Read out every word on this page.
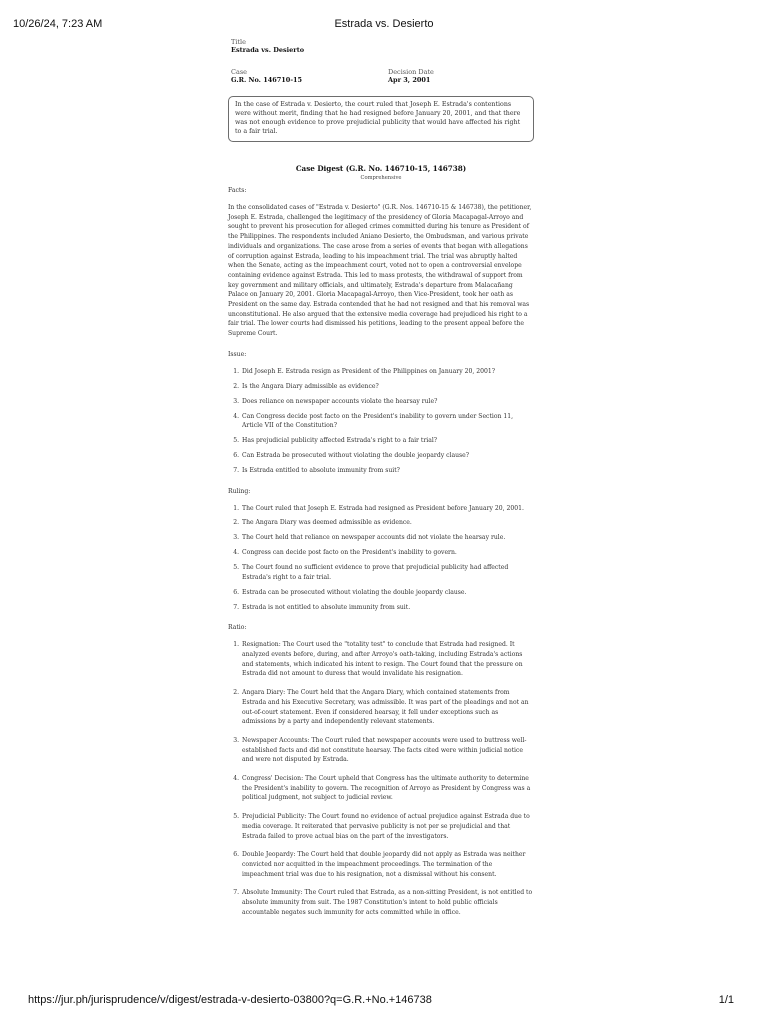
10/26/24, 7:23 AM	Estrada vs. Desierto
Title
Estrada vs. Desierto
Case
G.R. No. 146710-15
Decision Date
Apr 3, 2001
In the case of Estrada v. Desierto, the court ruled that Joseph E. Estrada's contentions were without merit, finding that he had resigned before January 20, 2001, and that there was not enough evidence to prove prejudicial publicity that would have affected his right to a fair trial.
Case Digest (G.R. No. 146710-15, 146738)
Comprehensive

Facts:

In the consolidated cases of "Estrada v. Desierto" (G.R. Nos. 146710-15 & 146738), the petitioner, Joseph E. Estrada, challenged the legitimacy of the presidency of Gloria Macapagal-Arroyo and sought to prevent his prosecution for alleged crimes committed during his tenure as President of the Philippines. The respondents included Aniano Desierto, the Ombudsman, and various private individuals and organizations. The case arose from a series of events that began with allegations of corruption against Estrada, leading to his impeachment trial. The trial was abruptly halted when the Senate, acting as the impeachment court, voted not to open a controversial envelope containing evidence against Estrada. This led to mass protests, the withdrawal of support from key government and military officials, and ultimately, Estrada's departure from Malacañang Palace on January 20, 2001. Gloria Macapagal-Arroyo, then Vice-President, took her oath as President on the same day. Estrada contended that he had not resigned and that his removal was unconstitutional. He also argued that the extensive media coverage had prejudiced his right to a fair trial. The lower courts had dismissed his petitions, leading to the present appeal before the Supreme Court.

Issue:

1. Did Joseph E. Estrada resign as President of the Philippines on January 20, 2001?
2. Is the Angara Diary admissible as evidence?
3. Does reliance on newspaper accounts violate the hearsay rule?
4. Can Congress decide post facto on the President's inability to govern under Section 11, Article VII of the Constitution?
5. Has prejudicial publicity affected Estrada's right to a fair trial?
6. Can Estrada be prosecuted without violating the double jeopardy clause?
7. Is Estrada entitled to absolute immunity from suit?

Ruling:

1. The Court ruled that Joseph E. Estrada had resigned as President before January 20, 2001.
2. The Angara Diary was deemed admissible as evidence.
3. The Court held that reliance on newspaper accounts did not violate the hearsay rule.
4. Congress can decide post facto on the President's inability to govern.
5. The Court found no sufficient evidence to prove that prejudicial publicity had affected Estrada's right to a fair trial.
6. Estrada can be prosecuted without violating the double jeopardy clause.
7. Estrada is not entitled to absolute immunity from suit.

Ratio:

1. Resignation: The Court used the "totality test" to conclude that Estrada had resigned. It analyzed events before, during, and after Arroyo's oath-taking, including Estrada's actions and statements, which indicated his intent to resign. The Court found that the pressure on Estrada did not amount to duress that would invalidate his resignation.
2. Angara Diary: The Court held that the Angara Diary, which contained statements from Estrada and his Executive Secretary, was admissible. It was part of the pleadings and not an out-of-court statement. Even if considered hearsay, it fell under exceptions such as admissions by a party and independently relevant statements.
3. Newspaper Accounts: The Court ruled that newspaper accounts were used to buttress well-established facts and did not constitute hearsay. The facts cited were within judicial notice and were not disputed by Estrada.
4. Congress' Decision: The Court upheld that Congress has the ultimate authority to determine the President's inability to govern. The recognition of Arroyo as President by Congress was a political judgment, not subject to judicial review.
5. Prejudicial Publicity: The Court found no evidence of actual prejudice against Estrada due to media coverage. It reiterated that pervasive publicity is not per se prejudicial and that Estrada failed to prove actual bias on the part of the investigators.
6. Double Jeopardy: The Court held that double jeopardy did not apply as Estrada was neither convicted nor acquitted in the impeachment proceedings. The termination of the impeachment trial was due to his resignation, not a dismissal without his consent.
7. Absolute Immunity: The Court ruled that Estrada, as a non-sitting President, is not entitled to absolute immunity from suit. The 1987 Constitution's intent to hold public officials accountable negates such immunity for acts committed while in office.
https://jur.ph/jurisprudence/v/digest/estrada-v-desierto-03800?q=G.R.+No.+146738	1/1
